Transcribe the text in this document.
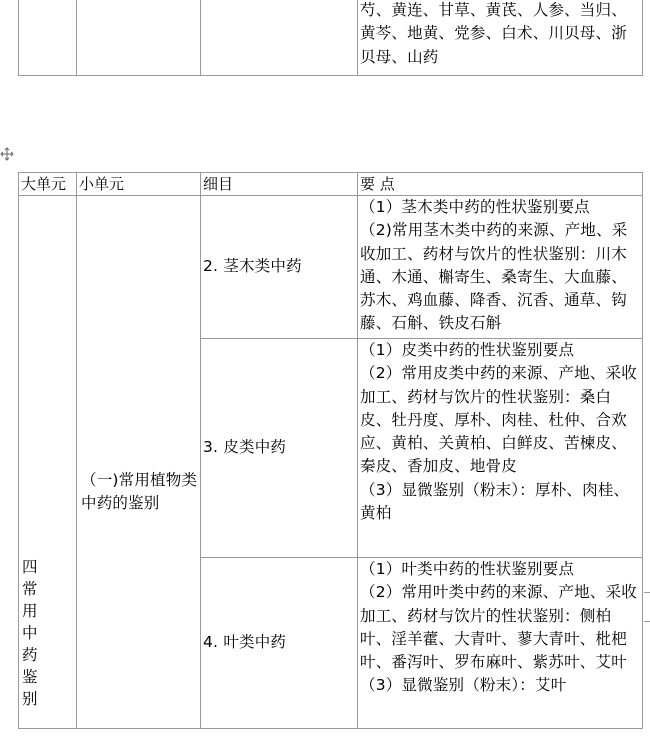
			芍、黄连、甘草、黄芪、人参、当归、黄芩、地黄、党参、白术、川贝母、浙贝母、山药
大单元	小单元	细目	要 点

四常用中药鉴别	（一)常用植物类中药的鉴别	2. 茎木类中药	（1）茎木类中药的性状鉴别要点
（2)常用茎木类中药的来源、产地、采收加工、药材与饮片的性状鉴别：川木通、木通、槲寄生、桑寄生、大血藤、苏木、鸡血藤、降香、沉香、通草、钩藤、石斛、铁皮石斛
		3. 皮类中药	（1）皮类中药的性状鉴别要点
（2）常用皮类中药的来源、产地、采收加工、药材与饮片的性状鉴别：桑白皮、牡丹度、厚朴、肉桂、杜仲、合欢应、黄柏、关黄柏、白鲜皮、苦楝皮、秦皮、香加皮、地骨皮
（3）显微鉴别（粉末）：厚朴、肉桂、黄柏
		4. 叶类中药	（1）叶类中药的性状鉴别要点
（2）常用叶类中药的来源、产地、采收加工、药材与饮片的性状鉴别：侧柏叶、淫羊藿、大青叶、蓼大青叶、枇杷叶、番泻叶、罗布麻叶、紫苏叶、艾叶
（3）显微鉴别（粉末）：艾叶
